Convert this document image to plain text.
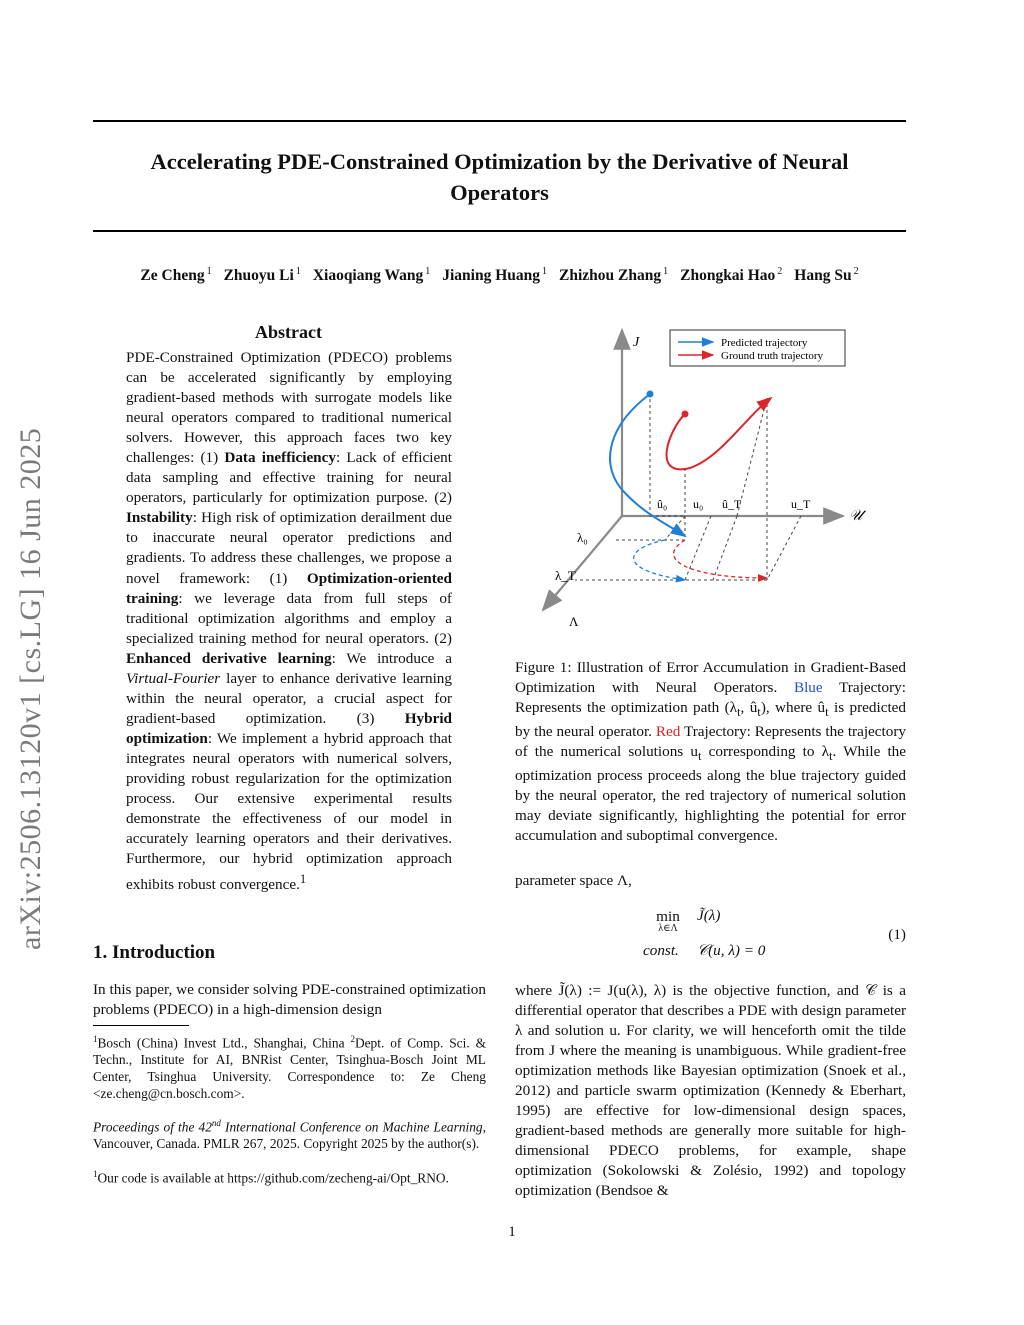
Accelerating PDE-Constrained Optimization by the Derivative of Neural
Operators
Ze Cheng $^1$ Zhuoyu Li $^1$ Xiaoqiang Wang $^1$ Jianing Huang $^1$ Zhizhou Zhang $^1$ Zhongkai Hao $^2$ Hang Su $^2$
arXiv:2506.13120v1 [cs.LG] 16 Jun 2025
Abstract
PDE-Constrained Optimization (PDECO) problems can be accelerated significantly by employing gradient-based methods with surrogate models like neural operators compared to traditional numerical solvers. However, this approach faces two key challenges: (1) Data inefficiency: Lack of efficient data sampling and effective training for neural operators, particularly for optimization purpose. (2) Instability: High risk of optimization derailment due to inaccurate neural operator predictions and gradients. To address these challenges, we propose a novel framework: (1) Optimization-oriented training: we leverage data from full steps of traditional optimization algorithms and employ a specialized training method for neural operators. (2) Enhanced derivative learning: We introduce a Virtual-Fourier layer to enhance derivative learning within the neural operator, a crucial aspect for gradient-based optimization. (3) Hybrid optimization: We implement a hybrid approach that integrates neural operators with numerical solvers, providing robust regularization for the optimization process. Our extensive experimental results demonstrate the effectiveness of our model in accurately learning operators and their derivatives. Furthermore, our hybrid optimization approach exhibits robust convergence.$^1$
1. Introduction
In this paper, we consider solving PDE-constrained optimization problems (PDECO) in a high-dimension design
$^1$Bosch (China) Invest Ltd., Shanghai, China $^2$Dept. of Comp. Sci. & Techn., Institute for AI, BNRist Center, Tsinghua-Bosch Joint ML Center, Tsinghua University. Correspondence to: Ze Cheng <ze.cheng@cn.bosch.com>.
Proceedings of the 42nd International Conference on Machine Learning, Vancouver, Canada. PMLR 267, 2025. Copyright 2025 by the author(s).
$^1$Our code is available at https://github.com/zecheng-ai/Opt_RNO.
J
𝒰
Λ
λ₀
λ_T
û₀ u₀ û_T	u_T
Predicted trajectory
Ground truth trajectory
Figure 1: Illustration of Error Accumulation in Gradient-Based Optimization with Neural Operators. Blue Trajectory: Represents the optimization path ($\lambda_t$, $û_t$), where $û_t$ is predicted by the neural operator. Red Trajectory: Represents the trajectory of the numerical solutions $u_t$ corresponding to $\lambda_t$. While the optimization process proceeds along the blue trajectory guided by the neural operator, the red trajectory of numerical solution may deviate significantly, highlighting the potential for error accumulation and suboptimal convergence.
parameter space Λ,
min
λ∈Λ
J̃(λ)
const. 𝒞(u, λ) = 0
(1)
where J̃(λ) := J(u(λ), λ) is the objective function, and 𝒞 is a differential operator that describes a PDE with design parameter λ and solution u. For clarity, we will henceforth omit the tilde from J where the meaning is unambiguous. While gradient-free optimization methods like Bayesian optimization (Snoek et al., 2012) and particle swarm optimization (Kennedy & Eberhart, 1995) are effective for low-dimensional design spaces, gradient-based methods are generally more suitable for high-dimensional PDECO problems, for example, shape optimization (Sokolowski & Zolésio, 1992) and topology optimization (Bendsoe &
1
